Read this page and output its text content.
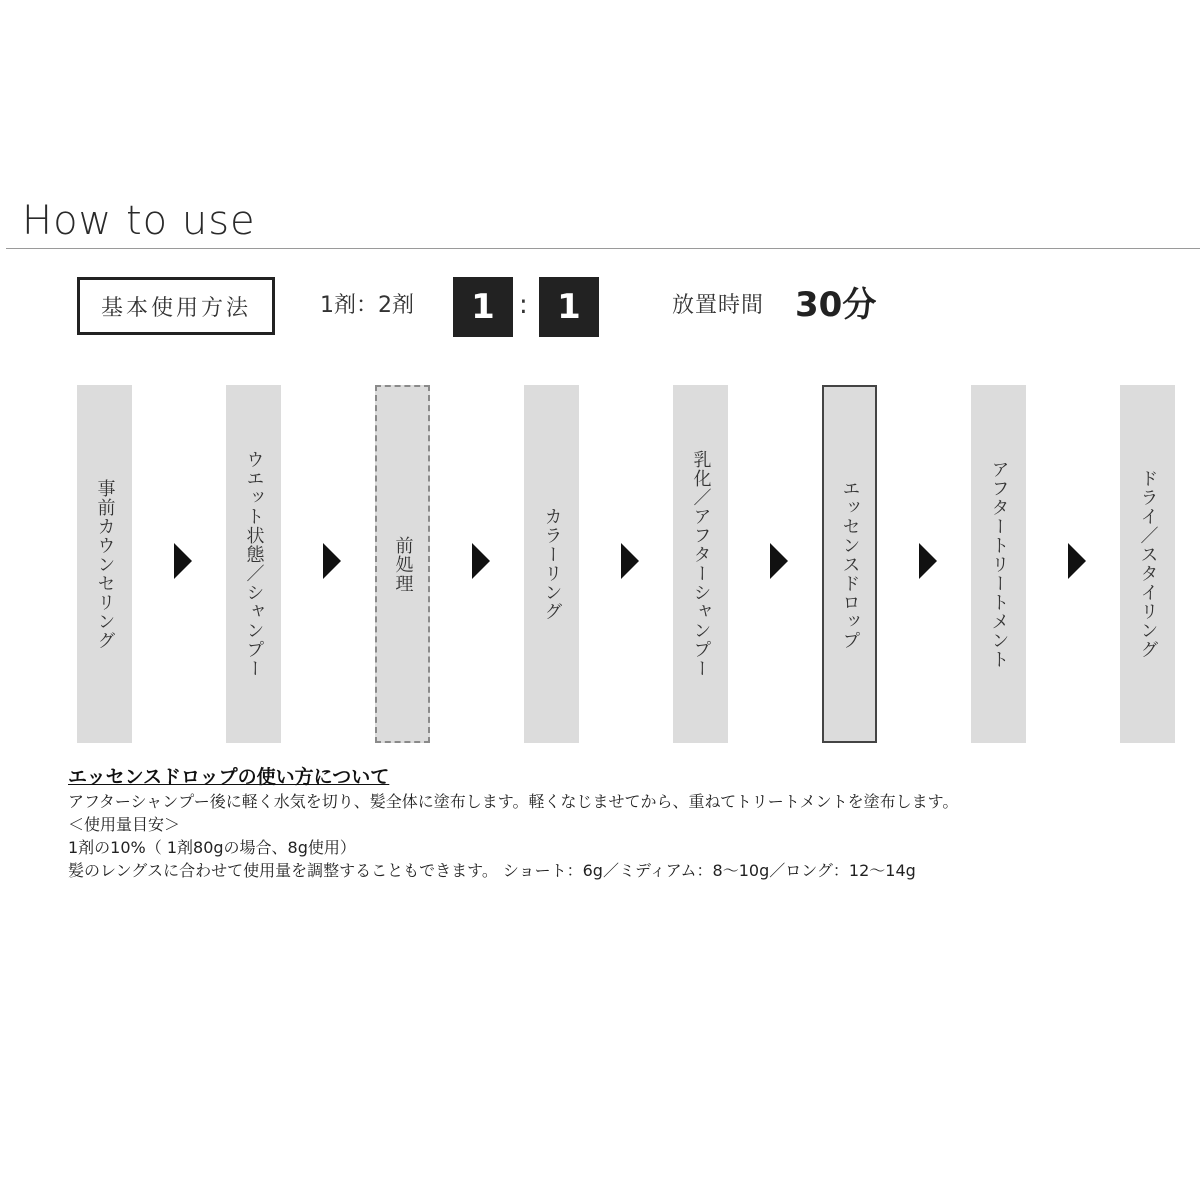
How to use
基本使用方法	1剤：2剤	1 : 1	放置時間 30分
事前カウンセリング	ウエット状態／シャンプー	前処理	カラーリング	乳化／アフターシャンプー	エッセンスドロップ	アフタートリートメント	ドライ／スタイリング
エッセンスドロップの使い方について
アフターシャンプー後に軽く水気を切り、髪全体に塗布します。軽くなじませてから、重ねてトリートメントを塗布します。
＜使用量目安＞
1剤の10%（ 1剤80gの場合、8g使用）
髪のレングスに合わせて使用量を調整することもできます。 ショート：6g／ミディアム：8〜10g／ロング：12〜14g
